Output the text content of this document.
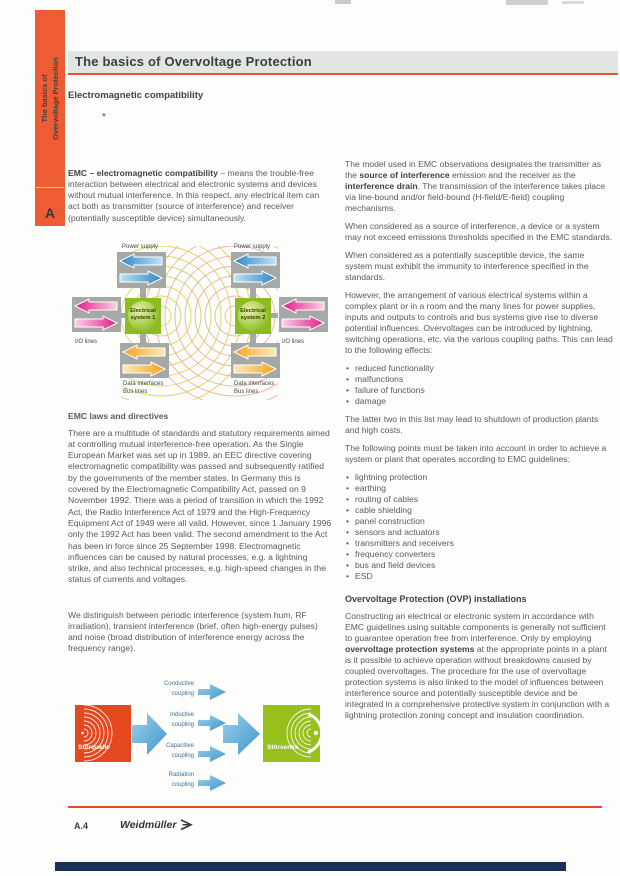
The basics of Overvoltage Protection
A
The basics of Overvoltage Protection
Electromagnetic compatibility
*

EMC – electromagnetic compatibility – means the trouble-free interaction between electrical and electronic systems and devices without mutual interference. In this respect, any electrical item can act both as transmitter (source of interference) and receiver (potentially susceptible device) simultaneously.

Power supply	Power supply
Electrical
system 1
Electrical
system 2
I/O lines	I/O lines
Data interfaces
Bus lines
Data interfaces
Bus lines
EMC laws and directives

There are a multitude of standards and statutory requirements aimed at controlling mutual interference-free operation. As the Single European Market was set up in 1989, an EEC directive covering electromagnetic compatibility was passed and subsequently ratified by the governments of the member states. In Germany this is covered by the Electromagnetic Compatibility Act, passed on 9 November 1992. There was a period of transition in which the 1992 Act, the Radio Interference Act of 1979 and the High-Frequency Equipment Act of 1949 were all valid. However, since 1 January 1996 only the 1992 Act has been valid. The second amendment to the Act has been in force since 25 September 1998. Electromagnetic influences can be caused by natural processes, e.g. a lightning strike, and also technical processes, e.g. high-speed changes in the status of currents and voltages.

We distinguish between periodic interference (system hum, RF irradiation), transient interference (brief, often high-energy pulses) and noise (broad distribution of interference energy across the frequency range).

Störquelle	Störsenke
Conductive
coupling
Inductive
coupling
Capacitive
coupling
Radiation
coupling

The model used in EMC observations designates the transmitter as the source of interference emission and the receiver as the interference drain. The transmission of the interference takes place via line-bound and/or field-bound (H-field/E-field) coupling mechanisms.

When considered as a source of interference, a device or a system may not exceed emissions thresholds specified in the EMC standards.

When considered as a potentially susceptible device, the same system must exhibit the immunity to interference specified in the standards.

However, the arrangement of various electrical systems within a complex plant or in a room and the many lines for power supplies, inputs and outputs to controls and bus systems give rise to diverse potential influences. Overvoltages can be introduced by lightning, switching operations, etc. via the various coupling paths. This can lead to the following effects:

• reduced functionality
• malfunctions
• failure of functions
• damage

The latter two in this list may lead to shutdown of production plants and high costs.

The following points must be taken into account in order to achieve a system or plant that operates according to EMC guidelines:

• lightning protection
• earthing
• routing of cables
• cable shielding
• panel construction
• sensors and actuators
• transmitters and receivers
• frequency converters
• bus and field devices
• ESD
Overvoltage Protection (OVP) installations

Constructing an electrical or electronic system in accordance with EMC guidelines using suitable components is generally not sufficient to guarantee operation free from interference. Only by employing overvoltage protection systems at the appropriate points in a plant is it possible to achieve operation without breakdowns caused by coupled overvoltages. The procedure for the use of overvoltage protection systems is also linked to the model of influences between interference source and potentially susceptible device and be integrated in a comprehensive protective system in conjunction with a lightning protection zoning concept and insulation coordination.

A.4	Weidmüller
